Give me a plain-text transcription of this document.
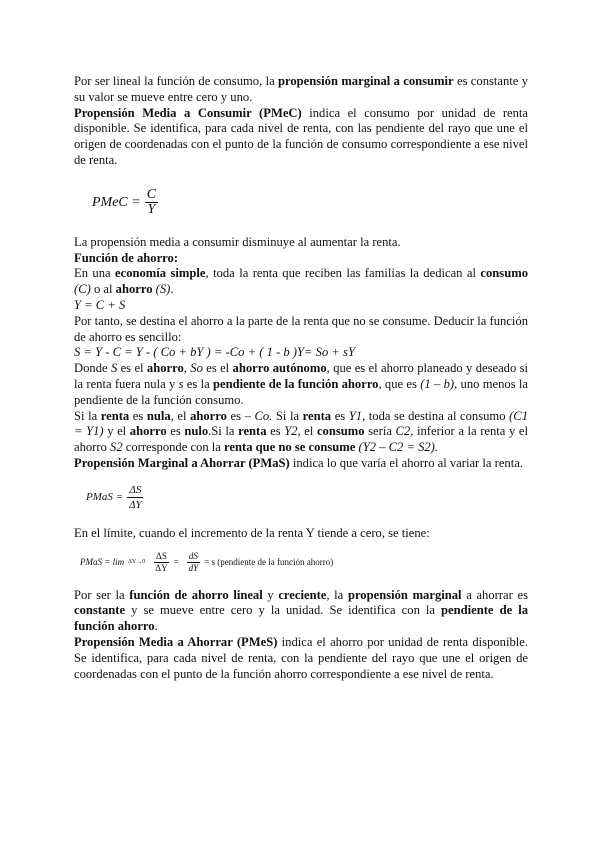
Por ser lineal la función de consumo, la propensión marginal a consumir es constante y su valor se mueve entre cero y uno.

Propensión Media a Consumir (PMeC) indica el consumo por unidad de renta disponible. Se identifica, para cada nivel de renta, con las pendiente del rayo que une el origen de coordenadas con el punto de la función de consumo correspondiente a ese nivel de renta.

PMeC = $\frac{C}{Y}$

La propensión media a consumir disminuye al aumentar la renta.

Función de ahorro:

En una economía simple, toda la renta que reciben las familias la dedican al consumo (C) o al ahorro (S).

Y = C + S

Por tanto, se destina el ahorro a la parte de la renta que no se consume. Deducir la función de ahorro es sencillo:

S = Y - C = Y - ( Co + bY ) = -Co + ( 1 - b )Y= So + sY

Donde S es el ahorro, So es el ahorro autónomo, que es el ahorro planeado y deseado si la renta fuera nula y s es la pendiente de la función ahorro, que es (1 – b), uno menos la pendiente de la función consumo.

Si la renta es nula, el ahorro es – Co. Si la renta es Y1, toda se destina al consumo (C1 = Y1) y el ahorro es nulo.Si la renta es Y2, el consumo sería C2, inferior a la renta y el ahorro S2 corresponde con la renta que no se consume (Y2 – C2 = S2).

Propensión Marginal a Ahorrar (PMaS) indica lo que varía el ahorro al variar la renta.

PMaS = $\frac{\Delta S}{\Delta Y}$

En el límite, cuando el incremento de la renta Y tiende a cero, se tiene:

PMaS = $\lim \Delta Y\to 0 \frac{\Delta S}{\Delta Y} = \frac{dS}{dY} = s$ (pendiente de la función ahorro)

Por ser la función de ahorro lineal y creciente, la propensión marginal a ahorrar es constante y se mueve entre cero y la unidad. Se identifica con la pendiente de la función ahorro.

Propensión Media a Ahorrar (PMeS) indica el ahorro por unidad de renta disponible. Se identifica, para cada nivel de renta, con la pendiente del rayo que une el origen de coordenadas con el punto de la función ahorro correspondiente a ese nivel de renta.
